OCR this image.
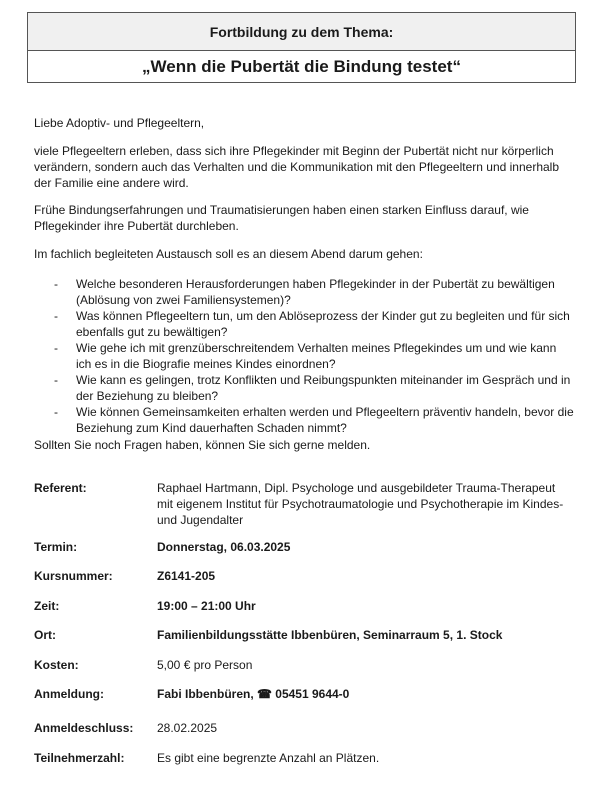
Fortbildung zu dem Thema:
„Wenn die Pubertät die Bindung testet“

Liebe Adoptiv- und Pflegeeltern,

viele Pflegeeltern erleben, dass sich ihre Pflegekinder mit Beginn der Pubertät nicht nur körperlich verändern, sondern auch das Verhalten und die Kommunikation mit den Pflegeeltern und innerhalb der Familie eine andere wird.

Frühe Bindungserfahrungen und Traumatisierungen haben einen starken Einfluss darauf, wie Pflegekinder ihre Pubertät durchleben.

Im fachlich begleiteten Austausch soll es an diesem Abend darum gehen:

- Welche besonderen Herausforderungen haben Pflegekinder in der Pubertät zu bewältigen (Ablösung von zwei Familiensystemen)?
- Was können Pflegeeltern tun, um den Ablöseprozess der Kinder gut zu begleiten und für sich ebenfalls gut zu bewältigen?
- Wie gehe ich mit grenzüberschreitendem Verhalten meines Pflegekindes um und wie kann ich es in die Biografie meines Kindes einordnen?
- Wie kann es gelingen, trotz Konflikten und Reibungspunkten miteinander im Gespräch und in der Beziehung zu bleiben?
- Wie können Gemeinsamkeiten erhalten werden und Pflegeeltern präventiv handeln, bevor die Beziehung zum Kind dauerhaften Schaden nimmt?

Sollten Sie noch Fragen haben, können Sie sich gerne melden.

Referent:	Raphael Hartmann, Dipl. Psychologe und ausgebildeter Trauma-Therapeut mit eigenem Institut für Psychotraumatologie und Psychotherapie im Kindes- und Jugendalter
Termin:	Donnerstag, 06.03.2025
Kursnummer:	Z6141-205
Zeit:	19:00 – 21:00 Uhr
Ort:	Familienbildungsstätte Ibbenbüren, Seminarraum 5, 1. Stock
Kosten:	5,00 € pro Person
Anmeldung:	Fabi Ibbenbüren, ☎ 05451 9644-0
Anmeldeschluss:	28.02.2025
Teilnehmerzahl:	Es gibt eine begrenzte Anzahl an Plätzen.
